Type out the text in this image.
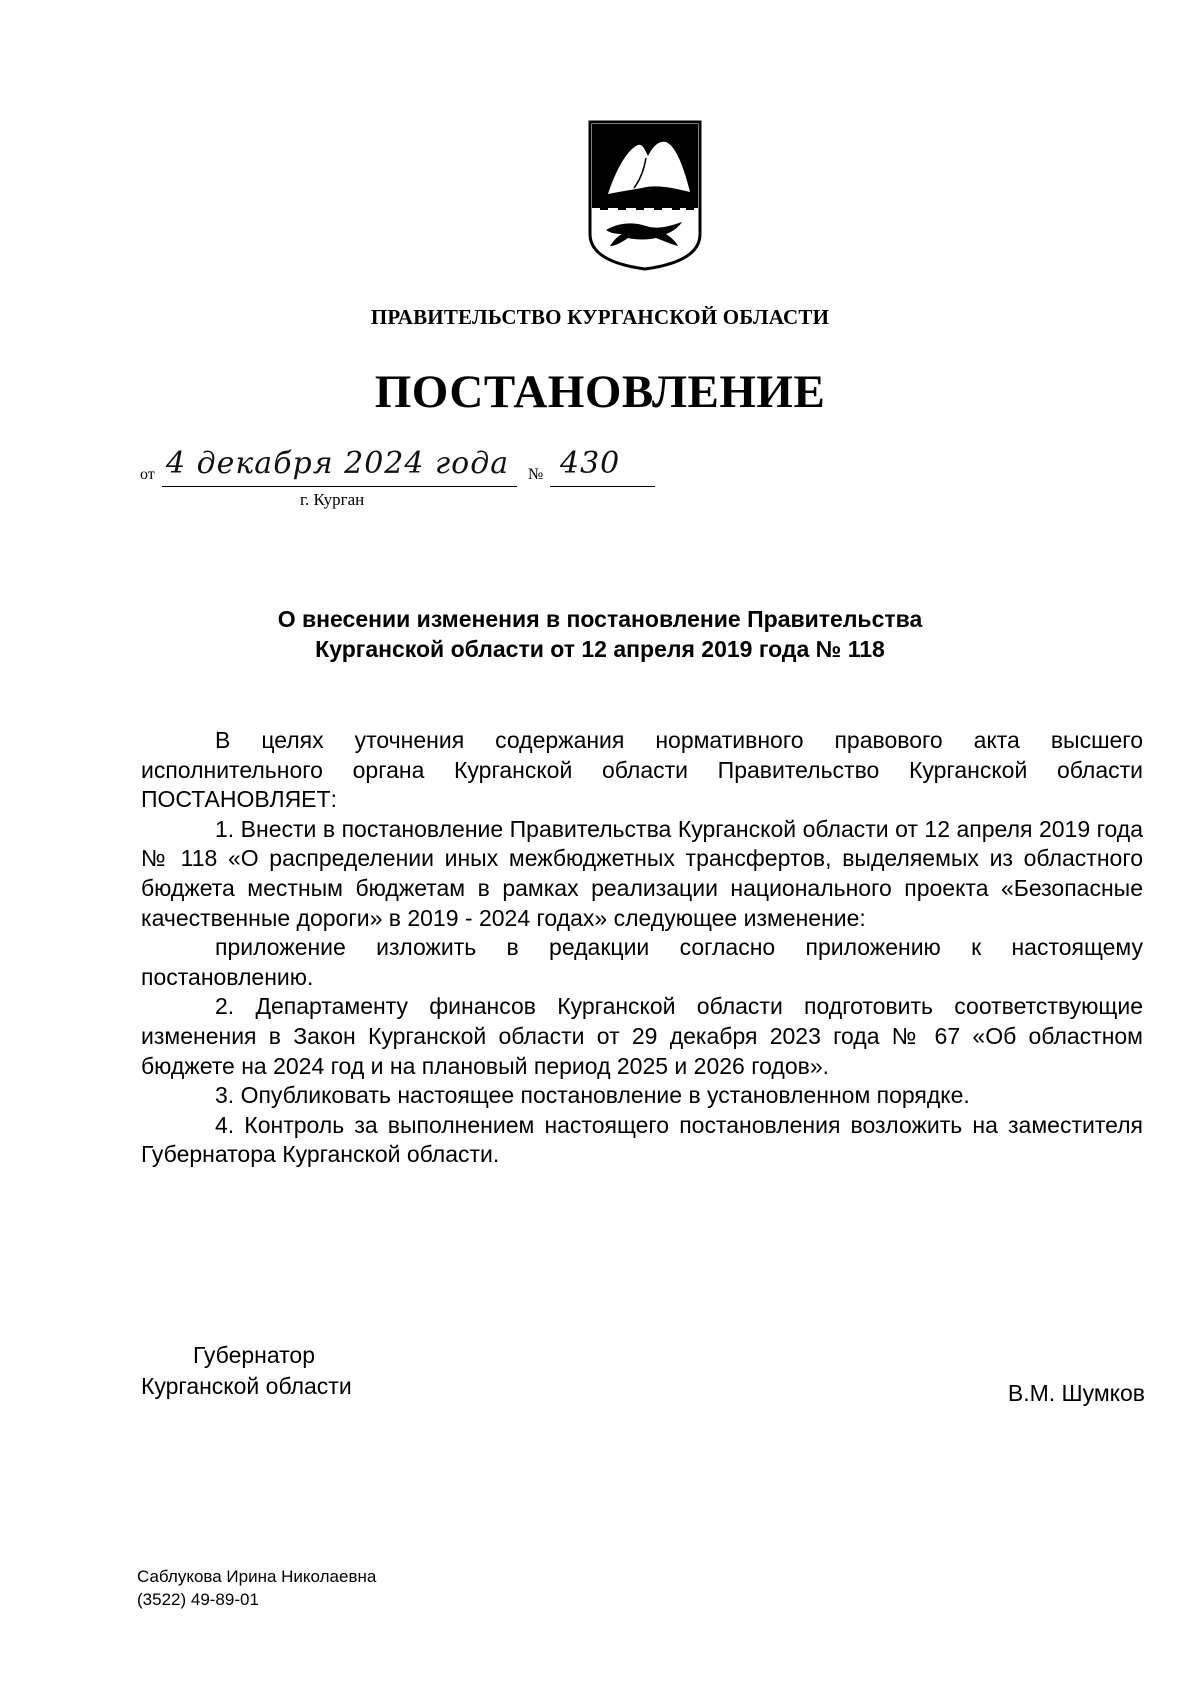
ПРАВИТЕЛЬСТВО КУРГАНСКОЙ ОБЛАСТИ
ПОСТАНОВЛЕНИЕ
от 4 декабря 2024 года № 430
г. Курган
О внесении изменения в постановление Правительства
Курганской области от 12 апреля 2019 года № 118

В целях уточнения содержания нормативного правового акта высшего исполнительного органа Курганской области Правительство Курганской области ПОСТАНОВЛЯЕТ:

1. Внести в постановление Правительства Курганской области от 12 апреля 2019 года № 118 «О распределении иных межбюджетных трансфертов, выделяемых из областного бюджета местным бюджетам в рамках реализации национального проекта «Безопасные качественные дороги» в 2019 - 2024 годах» следующее изменение:

приложение изложить в редакции согласно приложению к настоящему постановлению.

2. Департаменту финансов Курганской области подготовить соответствующие изменения в Закон Курганской области от 29 декабря 2023 года № 67 «Об областном бюджете на 2024 год и на плановый период 2025 и 2026 годов».

3. Опубликовать настоящее постановление в установленном порядке.

4. Контроль за выполнением настоящего постановления возложить на заместителя Губернатора Курганской области.

Губернатор
Курганской области	В.М. Шумков
Саблукова Ирина Николаевна
(3522) 49-89-01
